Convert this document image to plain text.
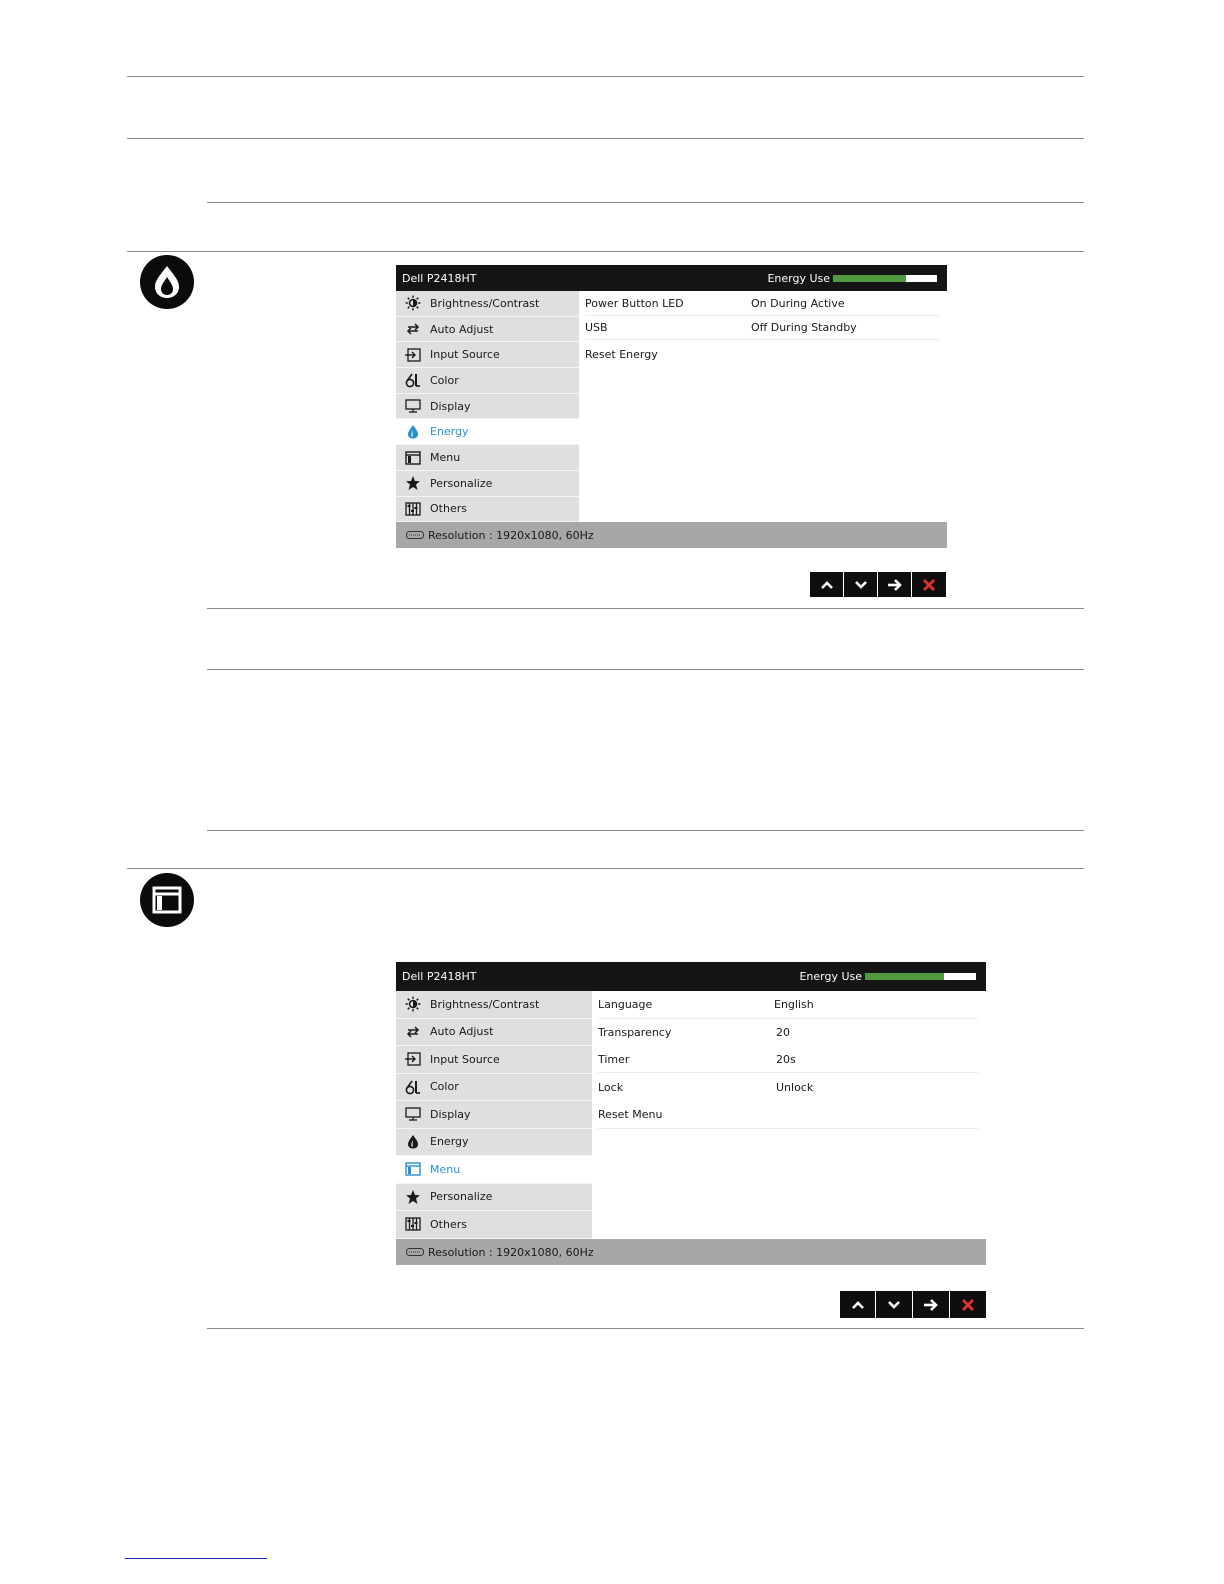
Dell P2418HT	Energy Use
Brightness/Contrast
Auto Adjust
Input Source
Color
Display
Energy
Menu
Personalize
Others
Power Button LED	On During Active
USB	Off During Standby
Reset Energy
Resolution : 1920x1080, 60Hz
Dell P2418HT	Energy Use
Brightness/Contrast
Auto Adjust
Input Source
Color
Display
Energy
Menu
Personalize
Others
Language	English
Transparency	20
Timer	20s
Lock	Unlock
Reset Menu
Resolution : 1920x1080, 60Hz
